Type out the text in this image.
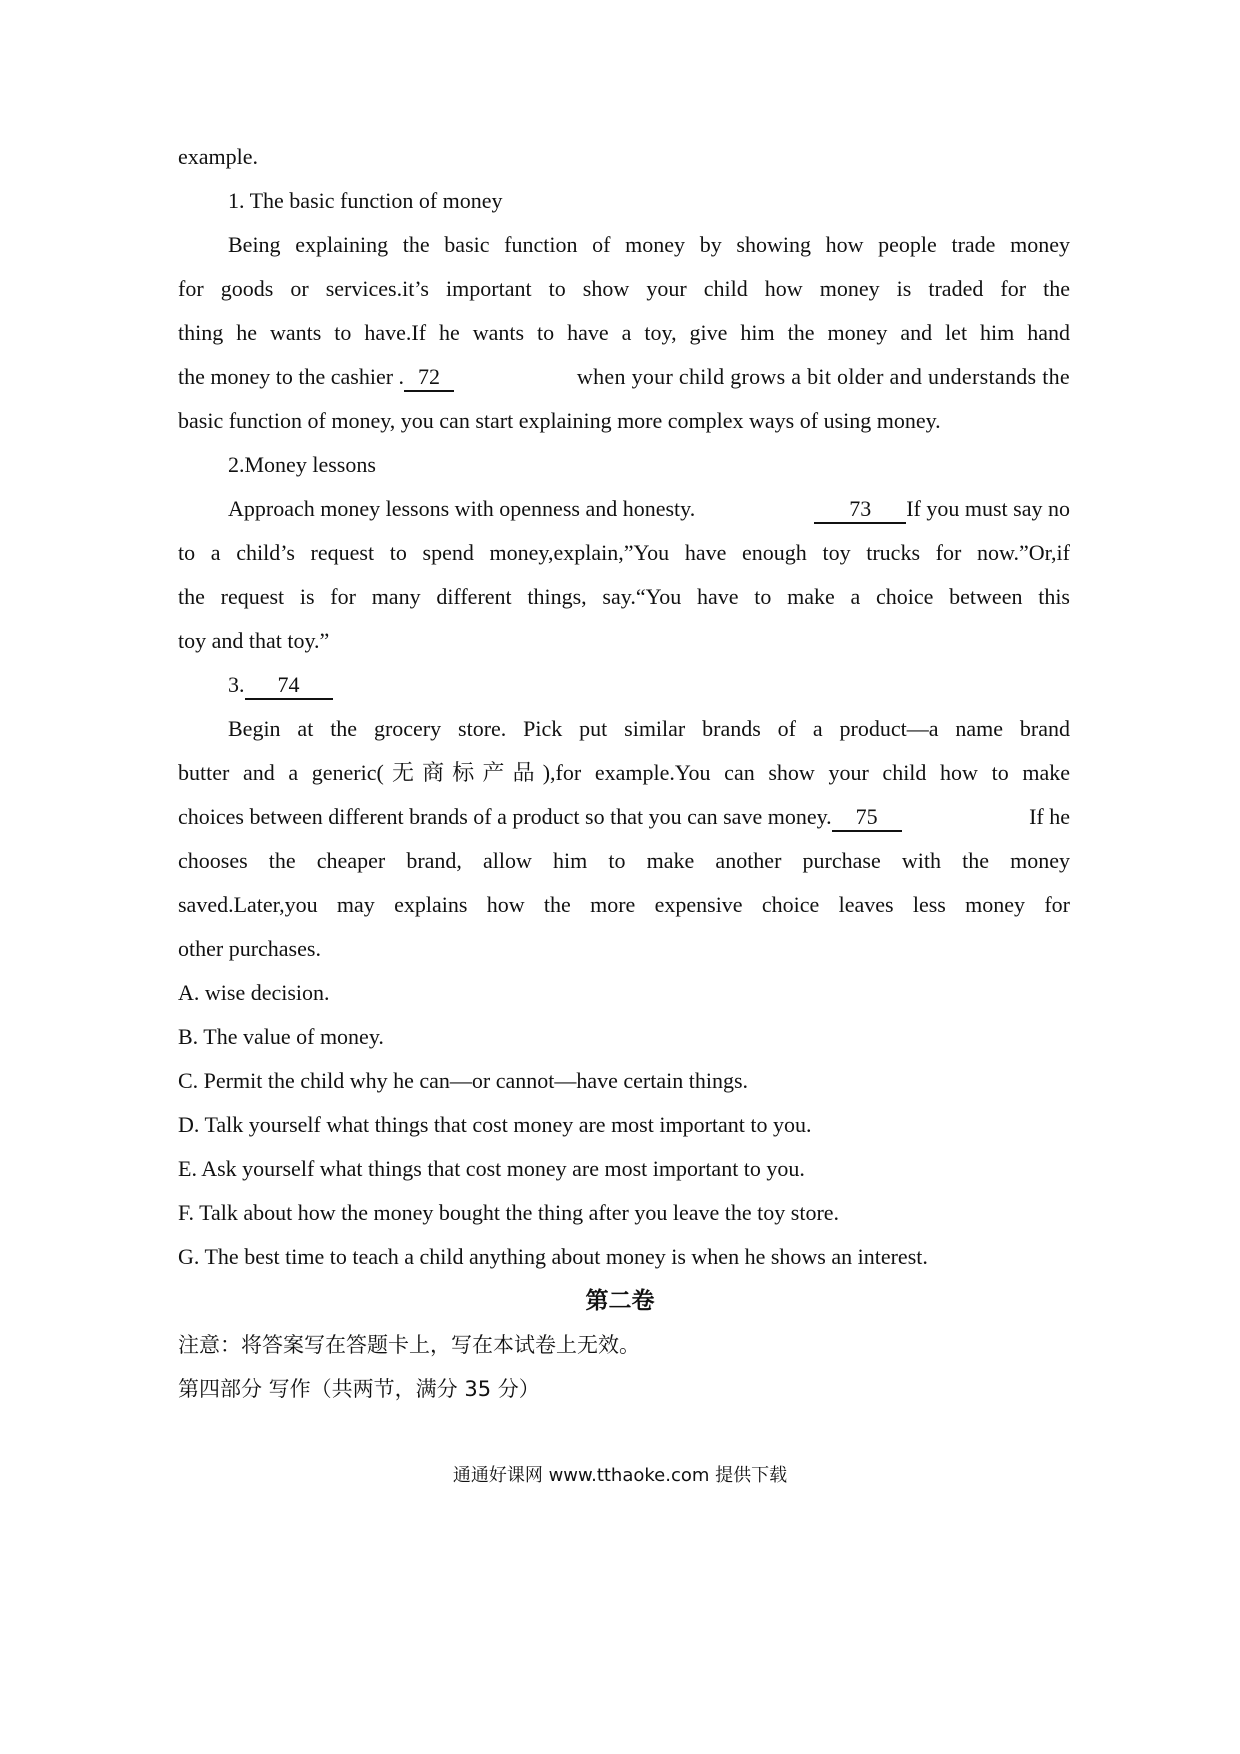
example.
1. The basic function of money
Being explaining the basic function of money by showing how people trade money
for goods or services.it’s important to show your child how money is traded for the
thing he wants to have.If he wants to have a toy, give him the money and let him hand
the money to the cashier . 72	when your child grows a bit older and understands the
basic function of money, you can start explaining more complex ways of using money.
2.Money lessons
Approach money lessons with openness and honesty.	73 If you must say no
to a child’s request to spend money,explain,”You have enough toy trucks for now.”Or,if
the request is for many different things, say.“You have to make a choice between this
toy and that toy.”
3. 74
Begin at the grocery store. Pick put similar brands of a product—a name brand
butter and a generic(无商标产品),for example.You can show your child how to make
choices between different brands of a product so that you can save money. 75	If he
chooses the cheaper brand, allow him to make another purchase with the money
saved.Later,you may explains how the more expensive choice leaves less money for
other purchases.
A. wise decision.
B. The value of money.
C. Permit the child why he can—or cannot—have certain things.
D. Talk yourself what things that cost money are most important to you.
E. Ask yourself what things that cost money are most important to you.
F. Talk about how the money bought the thing after you leave the toy store.
G. The best time to teach a child anything about money is when he shows an interest.
第二卷
注意：将答案写在答题卡上，写在本试卷上无效。
第四部分 写作（共两节，满分 35 分）
通通好课网 www.tthaoke.com 提供下载
